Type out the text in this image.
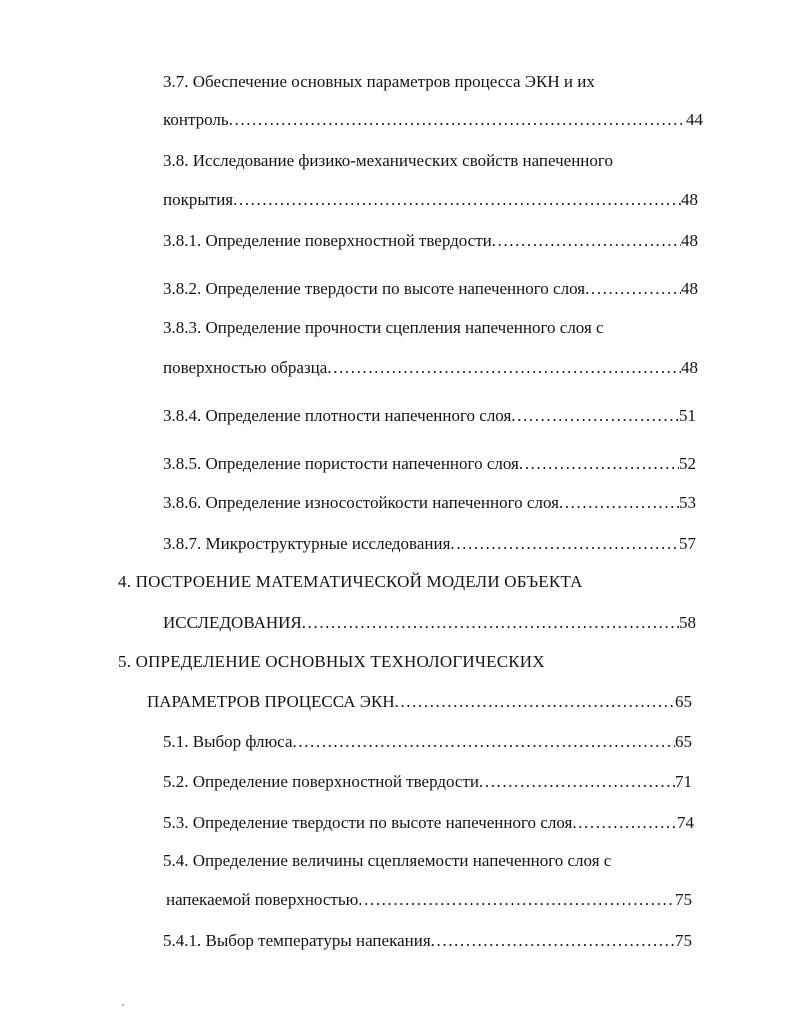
3.7. Обеспечение основных параметров процесса ЭКН и их
контроль .....	44
3.8. Исследование физико-механических свойств напеченного
покрытия .....	48
3.8.1. Определение поверхностной твердости .....	48
3.8.2. Определение твердости по высоте напеченного слоя .....	48
3.8.3. Определение прочности сцепления напеченного слоя с
поверхностью образца .....	48
3.8.4. Определение плотности напеченного слоя .....	51
3.8.5. Определение пористости напеченного слоя .....	52
3.8.6. Определение износостойкости напеченного слоя .....	53
3.8.7. Микроструктурные исследования .....	57
4. ПОСТРОЕНИЕ МАТЕМАТИЧЕСКОЙ МОДЕЛИ ОБЪЕКТА
ИССЛЕДОВАНИЯ .....	58
5. ОПРЕДЕЛЕНИЕ ОСНОВНЫХ ТЕХНОЛОГИЧЕСКИХ
ПАРАМЕТРОВ ПРОЦЕССА ЭКН .....	65
5.1. Выбор флюса .....	65
5.2. Определение поверхностной твердости .....	71
5.3. Определение твердости по высоте напеченного слоя .....	74
5.4. Определение величины сцепляемости напеченного слоя с
напекаемой поверхностью .....	75
5.4.1. Выбор температуры напекания .....	75
